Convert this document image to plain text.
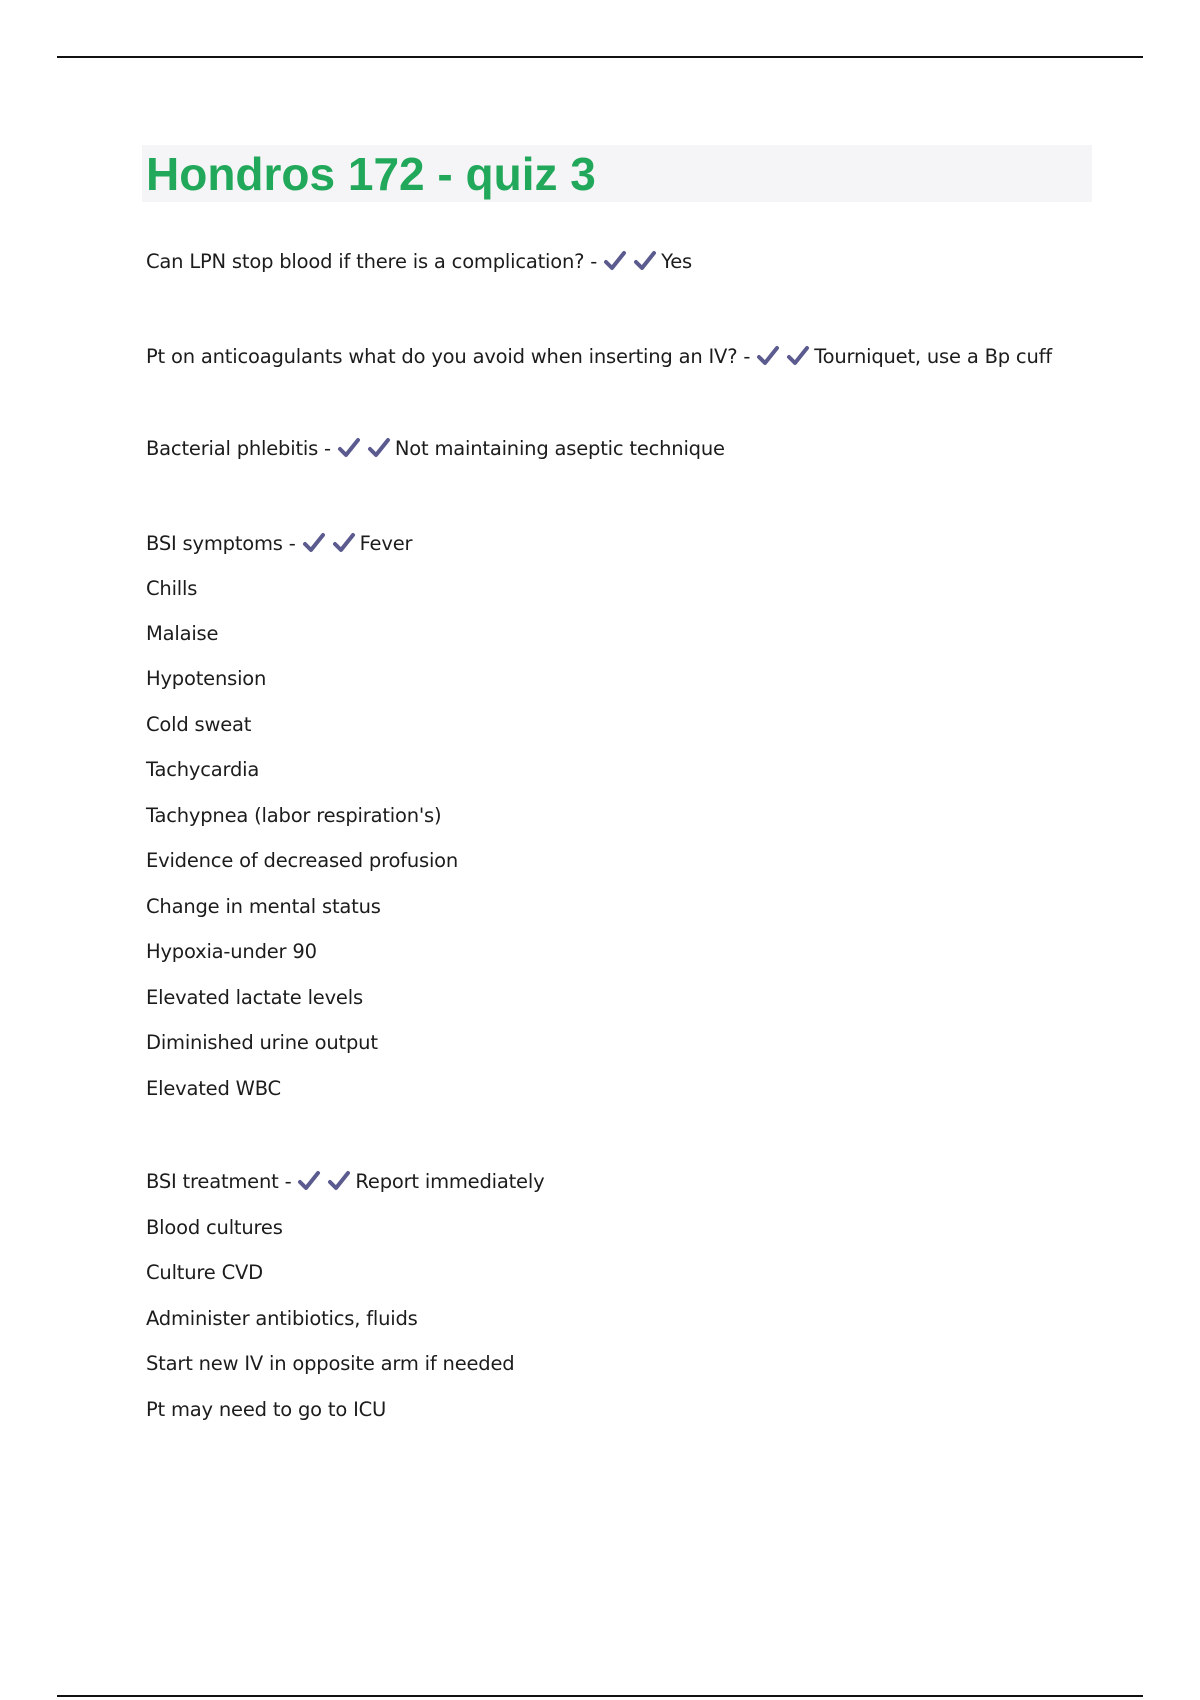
Hondros 172 - quiz 3
Can LPN stop blood if there is a complication? -	Yes
Pt on anticoagulants what do you avoid when inserting an IV? -	Tourniquet, use a Bp cuff
Bacterial phlebitis -	Not maintaining aseptic technique
BSI symptoms -	Fever
Chills
Malaise
Hypotension
Cold sweat
Tachycardia
Tachypnea (labor respiration's)
Evidence of decreased profusion
Change in mental status
Hypoxia-under 90
Elevated lactate levels
Diminished urine output
Elevated WBC
BSI treatment -	Report immediately
Blood cultures
Culture CVD
Administer antibiotics, fluids
Start new IV in opposite arm if needed
Pt may need to go to ICU
